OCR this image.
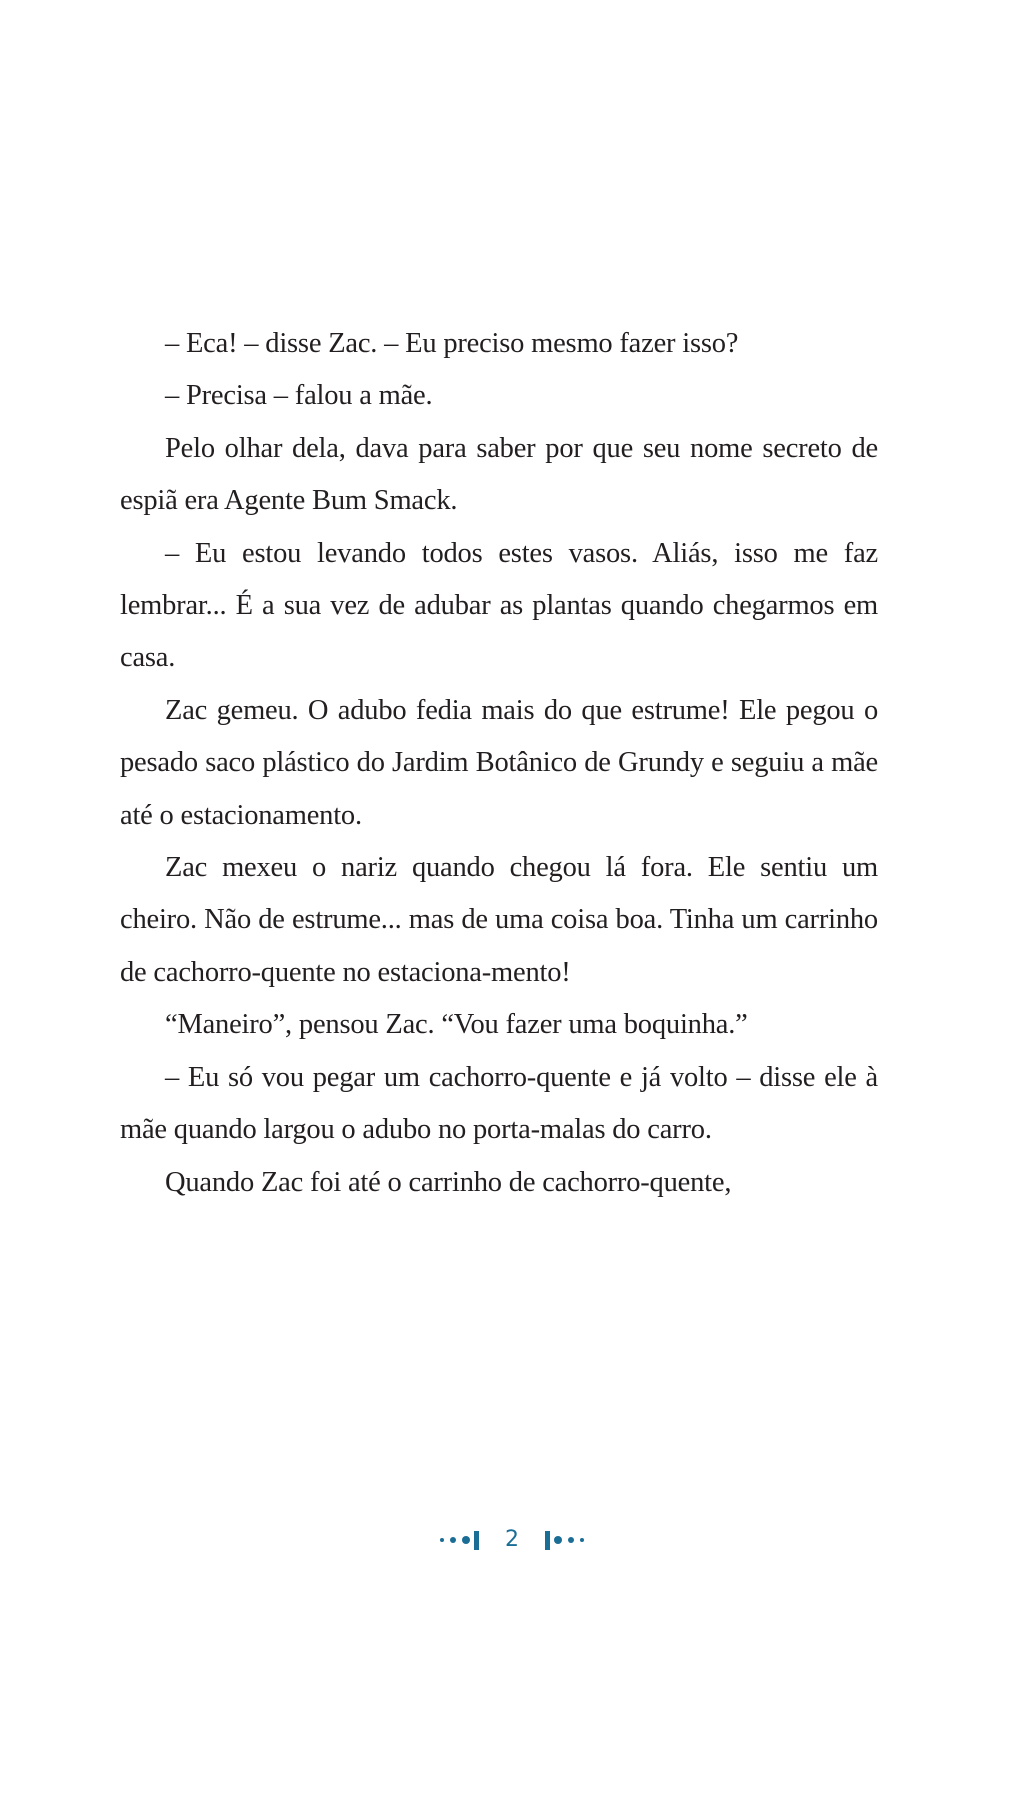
– Eca! – disse Zac. – Eu preciso mesmo fazer isso?

– Precisa – falou a mãe.

Pelo olhar dela, dava para saber por que seu nome secreto de espiã era Agente Bum Smack.

– Eu estou levando todos estes vasos. Aliás, isso me faz lembrar... É a sua vez de adubar as plantas quando chegarmos em casa.

Zac gemeu. O adubo fedia mais do que estrume! Ele pegou o pesado saco plástico do Jardim Botânico de Grundy e seguiu a mãe até o estacionamento.

Zac mexeu o nariz quando chegou lá fora. Ele sentiu um cheiro. Não de estrume... mas de uma coisa boa. Tinha um carrinho de cachorro-quente no estaciona-mento!

“Maneiro”, pensou Zac. “Vou fazer uma boquinha.”

– Eu só vou pegar um cachorro-quente e já volto – disse ele à mãe quando largou o adubo no porta-malas do carro.

Quando Zac foi até o carrinho de cachorro-quente,

2
